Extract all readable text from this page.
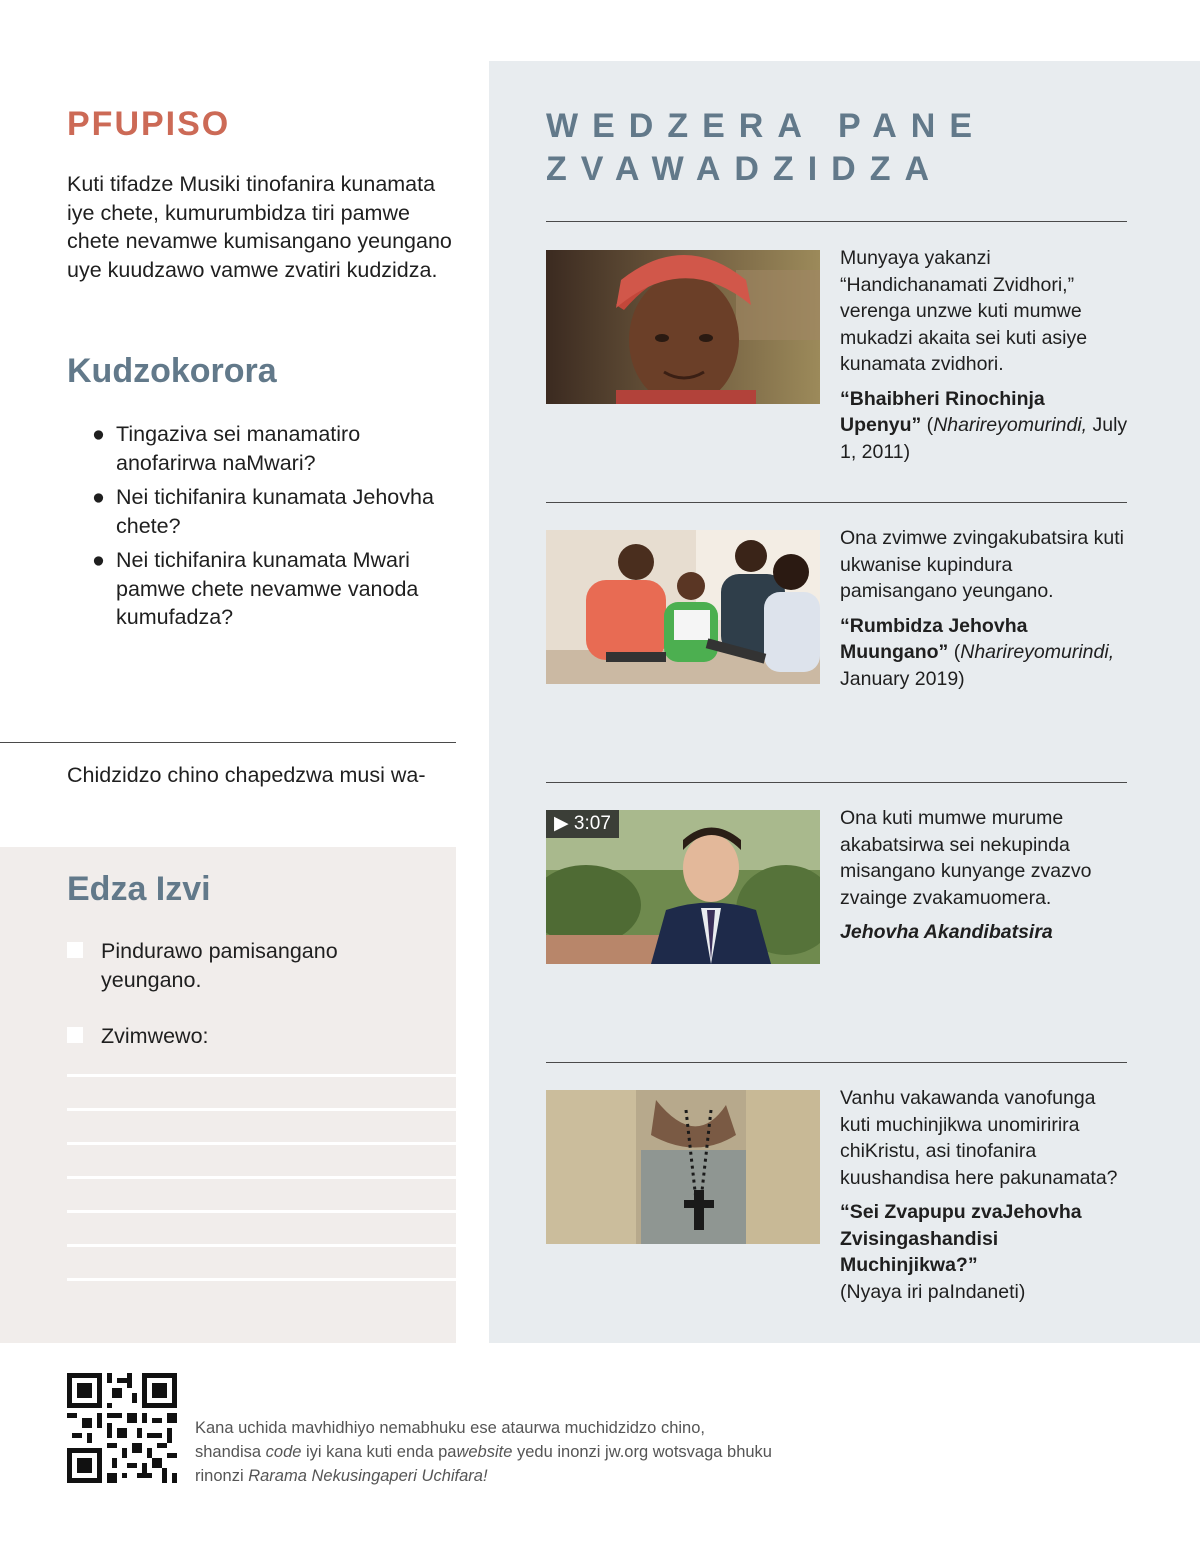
PFUPISO

Kuti tifadze Musiki tinofanira kunamata iye chete, kumurumbidza tiri pamwe chete nevamwe kumisangano yeungano uye kuudzawo vamwe zvatiri kudzidza.

Kudzokorora
● Tingaziva sei manamatiro anofarirwa naMwari?
● Nei tichifanira kunamata Jehovha chete?
● Nei tichifanira kunamata Mwari pamwe chete nevamwe vanoda kumufadza?

Chidzidzo chino chapedzwa musi wa-

Edza Izvi
Pindurawo pamisangano yeungano.
Zvimwewo:
WEDZERA PANE ZVAWADZIDZA

Munyaya yakanzi “Handichanamati Zvidhori,” verenga unzwe kuti mumwe mukadzi akaita sei kuti asiye kunamata zvidhori.

“Bhaibheri Rinochinja Upenyu” (Nharireyomurindi, July 1, 2011)

Ona zvimwe zvingakubatsira kuti ukwanise kupindura pamisangano yeungano.

“Rumbidza Jehovha Muungano” (Nharireyomurindi, January 2019)

▶ 3:07	Ona kuti mumwe murume akabatsirwa sei nekupinda misangano kunyange zvazvo zvainge zvakamuomera.

Jehovha Akandibatsira

Vanhu vakawanda vanofunga kuti muchinjikwa unomiririra chiKristu, asi tinofanira kuushandisa here pakunamata?

“Sei Zvapupu zvaJehovha Zvisingashandisi Muchinjikwa?”
(Nyaya iri paIndaneti)

Kana uchida mavhidhiyo nemabhuku ese ataurwa muchidzidzo chino, shandisa code iyi kana kuti enda pawebsite yedu inonzi jw.org wotsvaga bhuku rinonzi Rarama Nekusingaperi Uchifara!
